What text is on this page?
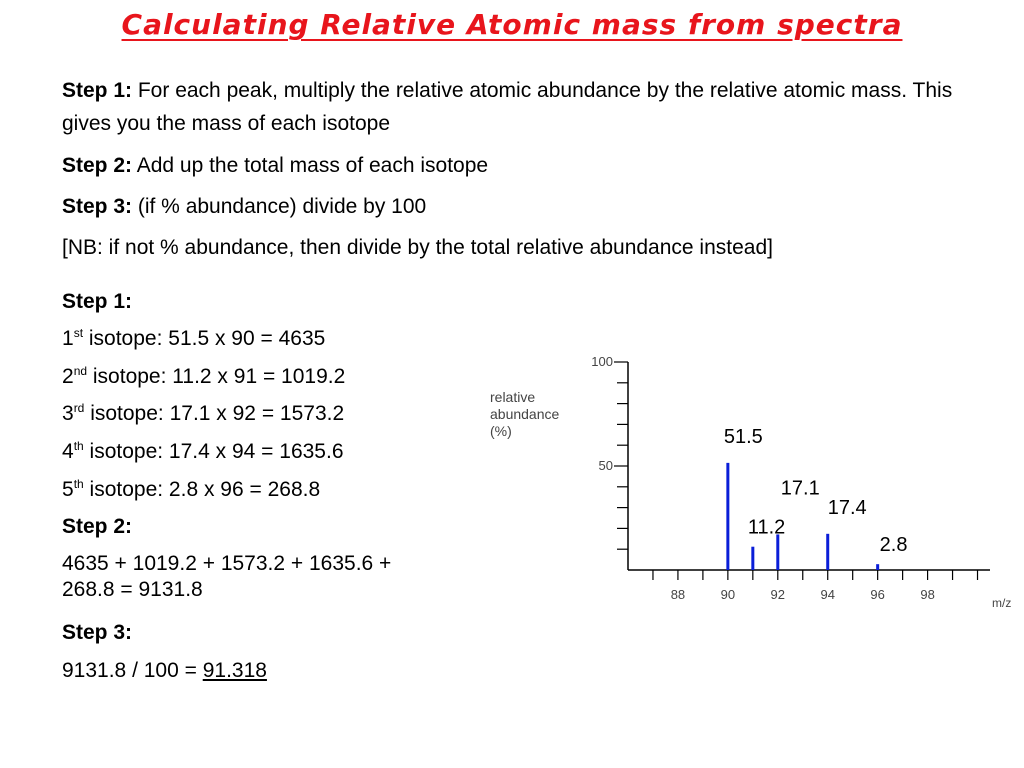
Calculating Relative Atomic mass from spectra
Step 1: For each peak, multiply the relative atomic abundance by the relative atomic mass. This gives you the mass of each isotope
Step 2: Add up the total mass of each isotope
Step 3: (if % abundance) divide by 100
[NB: if not % abundance, then divide by the total relative abundance instead]
Step 1:
1st isotope: 51.5 x 90 = 4635
2nd isotope: 11.2 x 91 = 1019.2
3rd isotope: 17.1 x 92 = 1573.2
4th isotope: 17.4 x 94 = 1635.6
5th isotope: 2.8 x 96 = 268.8
Step 2:
4635 + 1019.2 + 1573.2 + 1635.6 +
268.8 = 9131.8
Step 3:
9131.8 / 100 = 91.318
50
100
88	90	92	94	96	98
relative
abundance
(%)
m/z
51.5
11.2
17.1
17.4
2.8
